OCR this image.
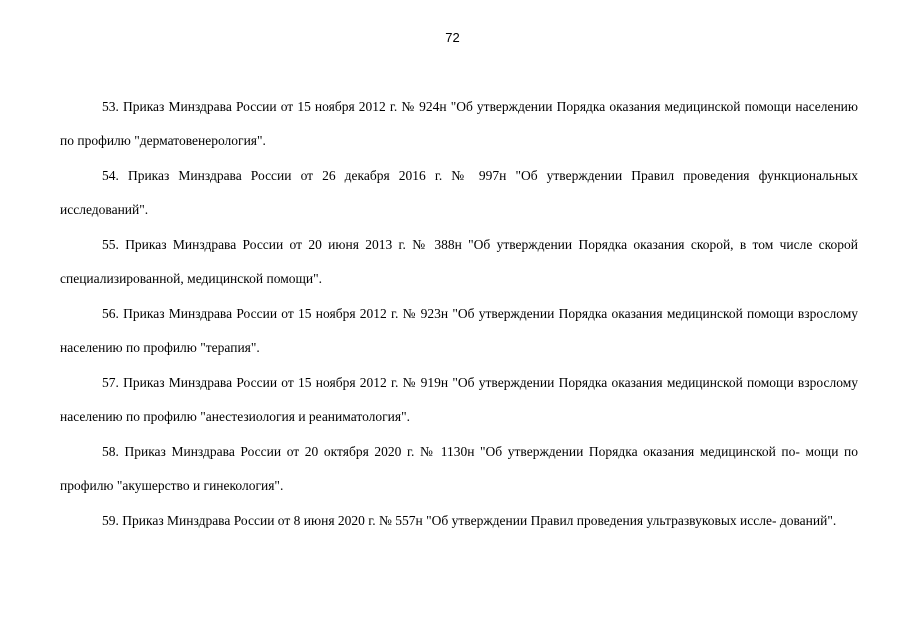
72

53. Приказ Минздрава России от 15 ноября 2012 г. № 924н "Об утверждении Порядка оказания медицинской помощи населению по профилю "дерматовенерология".

54. Приказ Минздрава России от 26 декабря 2016 г. № 997н "Об утверждении Правил проведения функциональных исследований".

55. Приказ Минздрава России от 20 июня 2013 г. № 388н "Об утверждении Порядка оказания скорой, в том числе скорой специализированной, медицинской помощи".

56. Приказ Минздрава России от 15 ноября 2012 г. № 923н "Об утверждении Порядка оказания медицинской помощи взрослому населению по профилю "терапия".

57. Приказ Минздрава России от 15 ноября 2012 г. № 919н "Об утверждении Порядка оказания медицинской помощи взрослому населению по профилю "анестезиология и реаниматология".

58. Приказ Минздрава России от 20 октября 2020 г. № 1130н "Об утверждении Порядка оказания медицинской по- мощи по профилю "акушерство и гинекология".

59. Приказ Минздрава России от 8 июня 2020 г. № 557н "Об утверждении Правил проведения ультразвуковых иссле- дований".
